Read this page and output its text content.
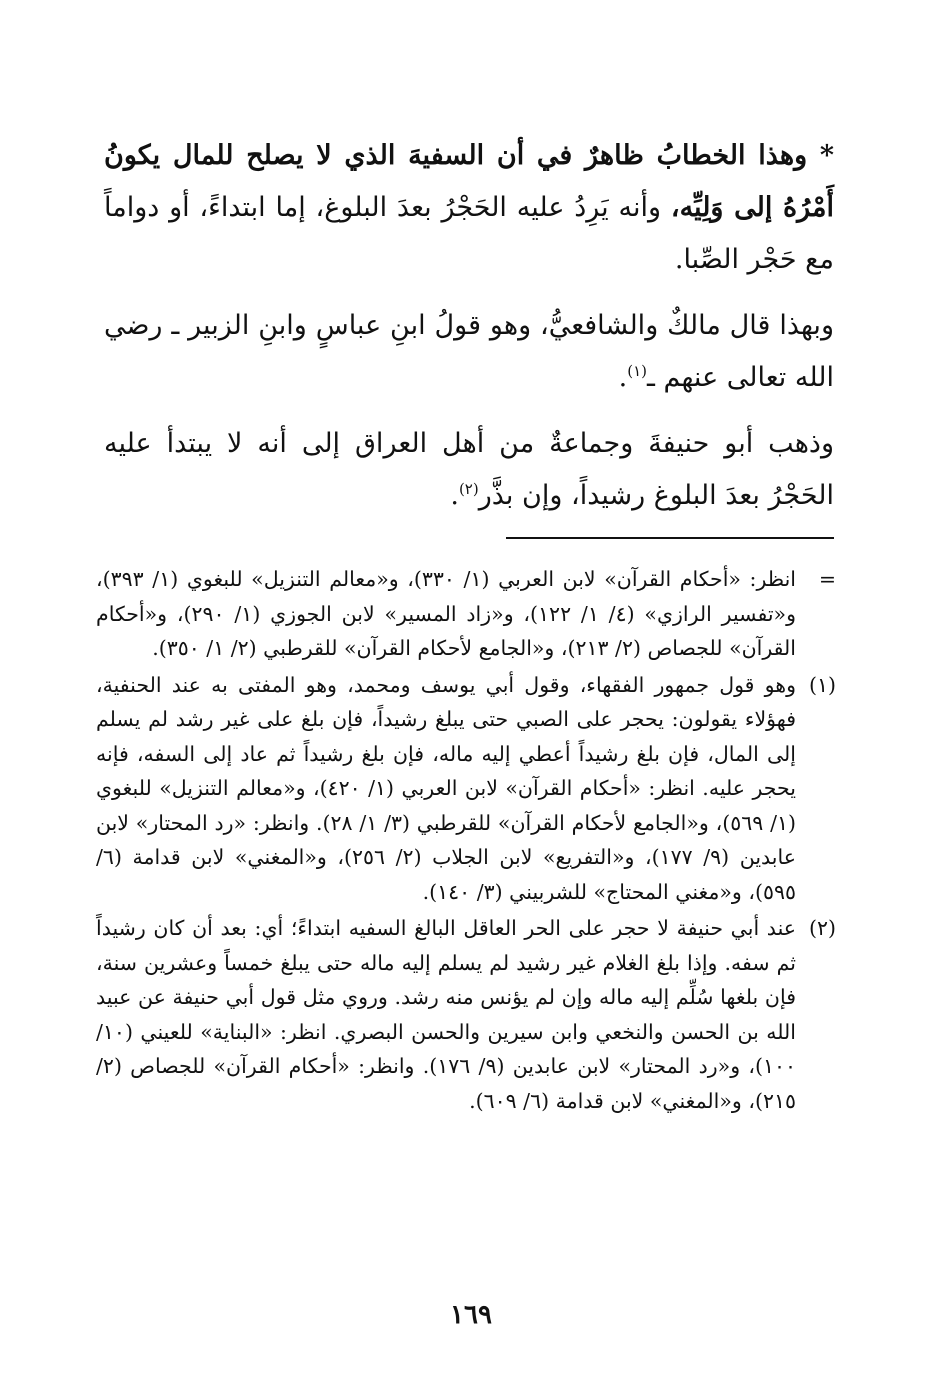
* وهذا الخطابُ ظاهرٌ في أن السفيهَ الذي لا يصلح للمال يكونُ أَمْرُهُ إلى وَلِيِّه، وأنه يَرِدُ عليه الحَجْرُ بعدَ البلوغ، إما ابتداءً، أو دواماً مع حَجْر الصِّبا.
وبهذا قال مالكٌ والشافعيُّ، وهو قولُ ابنِ عباسٍ وابنِ الزبير ـ رضي الله تعالى عنهم ـ$^{(١)}$.
وذهب أبو حنيفةَ وجماعةٌ من أهل العراق إلى أنه لا يبتدأ عليه الحَجْرُ بعدَ البلوغ رشيداً، وإن بذَّر$^{(٢)}$.
=
انظر: «أحكام القرآن» لابن العربي (١/ ٣٣٠)، و«معالم التنزيل» للبغوي (١/ ٣٩٣)، و«تفسير الرازي» (٤/ ١/ ١٢٢)، و«زاد المسير» لابن الجوزي (١/ ٢٩٠)، و«أحكام القرآن» للجصاص (٢/ ٢١٣)، و«الجامع لأحكام القرآن» للقرطبي (٢/ ١/ ٣٥٠).
(١)
وهو قول جمهور الفقهاء، وقول أبي يوسف ومحمد، وهو المفتى به عند الحنفية، فهؤلاء يقولون: يحجر على الصبي حتى يبلغ رشيداً، فإن بلغ على غير رشد لم يسلم إلى المال، فإن بلغ رشيداً أعطي إليه ماله، فإن بلغ رشيداً ثم عاد إلى السفه، فإنه يحجر عليه. انظر: «أحكام القرآن» لابن العربي (١/ ٤٢٠)، و«معالم التنزيل» للبغوي (١/ ٥٦٩)، و«الجامع لأحكام القرآن» للقرطبي (٣/ ١/ ٢٨). وانظر: «رد المحتار» لابن عابدين (٩/ ١٧٧)، و«التفريع» لابن الجلاب (٢/ ٢٥٦)، و«المغني» لابن قدامة (٦/ ٥٩٥)، و«مغني المحتاج» للشربيني (٣/ ١٤٠).
(٢)
عند أبي حنيفة لا حجر على الحر العاقل البالغ السفيه ابتداءً؛ أي: بعد أن كان رشيداً ثم سفه. وإذا بلغ الغلام غير رشيد لم يسلم إليه ماله حتى يبلغ خمساً وعشرين سنة، فإن بلغها سُلِّم إليه ماله وإن لم يؤنس منه رشد. وروي مثل قول أبي حنيفة عن عبيد الله بن الحسن والنخعي وابن سيرين والحسن البصري. انظر: «البناية» للعيني (١٠/ ١٠٠)، و«رد المحتار» لابن عابدين (٩/ ١٧٦). وانظر: «أحكام القرآن» للجصاص (٢/ ٢١٥)، و«المغني» لابن قدامة (٦/ ٦٠٩).
١٦٩
